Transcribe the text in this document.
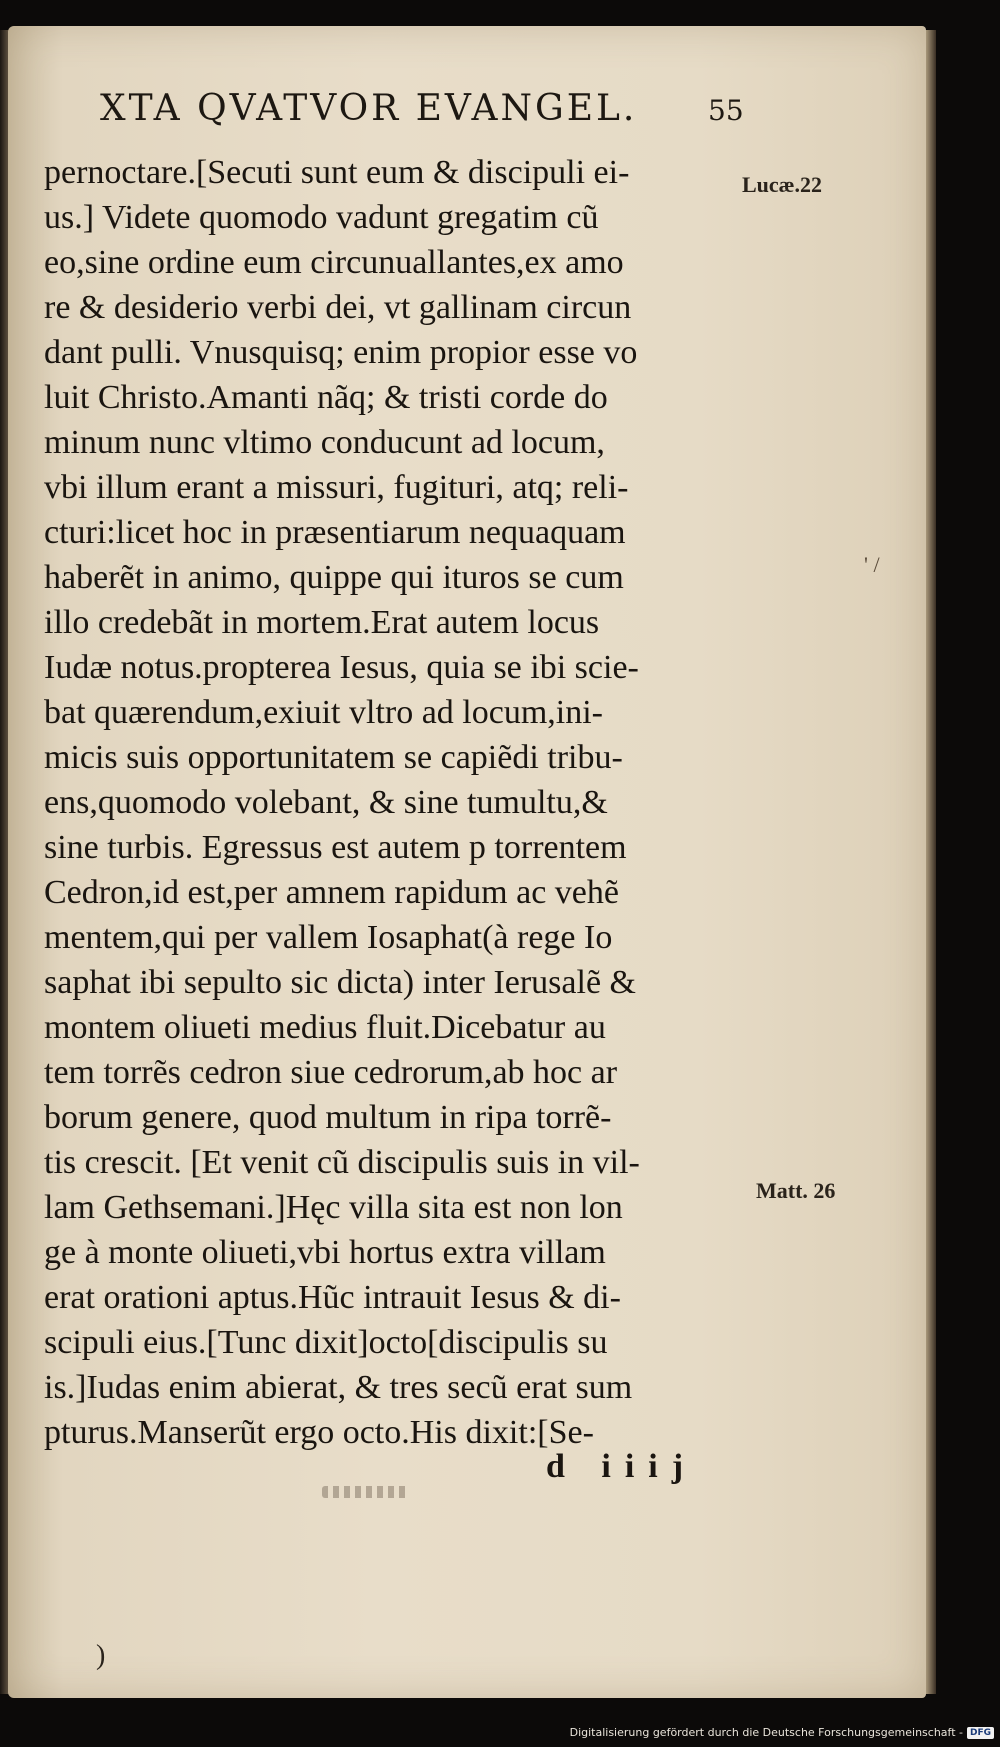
XTA QVATVOR EVANGEL.	55
pernoctare.[Secuti sunt eum & discipuli ei-
us.] Videte quomodo vadunt gregatim cũ
eo,sine ordine eum circunuallantes,ex amo
re & desiderio verbi dei, vt gallinam circun
dant pulli. Vnusquisq; enim propior esse vo
luit Christo.Amanti nãq; & tristi corde do
minum nunc vltimo conducunt ad locum,
vbi illum erant a missuri, fugituri, atq; reli-
cturi:licet hoc in præsentiarum nequaquam
haberẽt in animo, quippe qui ituros se cum
illo credebãt in mortem.Erat autem locus
Iudæ notus.propterea Iesus, quia se ibi scie-
bat quærendum,exiuit vltro ad locum,ini-
micis suis opportunitatem se capiẽdi tribu-
ens,quomodo volebant, & sine tumultu,&
sine turbis. Egressus est autem p torrentem
Cedron,id est,per amnem rapidum ac vehẽ
mentem,qui per vallem Iosaphat(à rege Io
saphat ibi sepulto sic dicta) inter Ierusalẽ &
montem oliueti medius fluit.Dicebatur au
tem torrẽs cedron siue cedrorum,ab hoc ar
borum genere, quod multum in ripa torrẽ-
tis crescit. [Et venit cũ discipulis suis in vil-
lam Gethsemani.]Hęc villa sita est non lon
ge à monte oliueti,vbi hortus extra villam
erat orationi aptus.Hũc intrauit Iesus & di-
scipuli eius.[Tunc dixit]octo[discipulis su
is.]Iudas enim abierat, & tres secũ erat sum
pturus.Manserũt ergo octo.His dixit:[Se-
Lucæ.22
Matt. 26
' /
d iiij
)
Digitalisierung gefördert durch die Deutsche Forschungsgemeinschaft - DFG
